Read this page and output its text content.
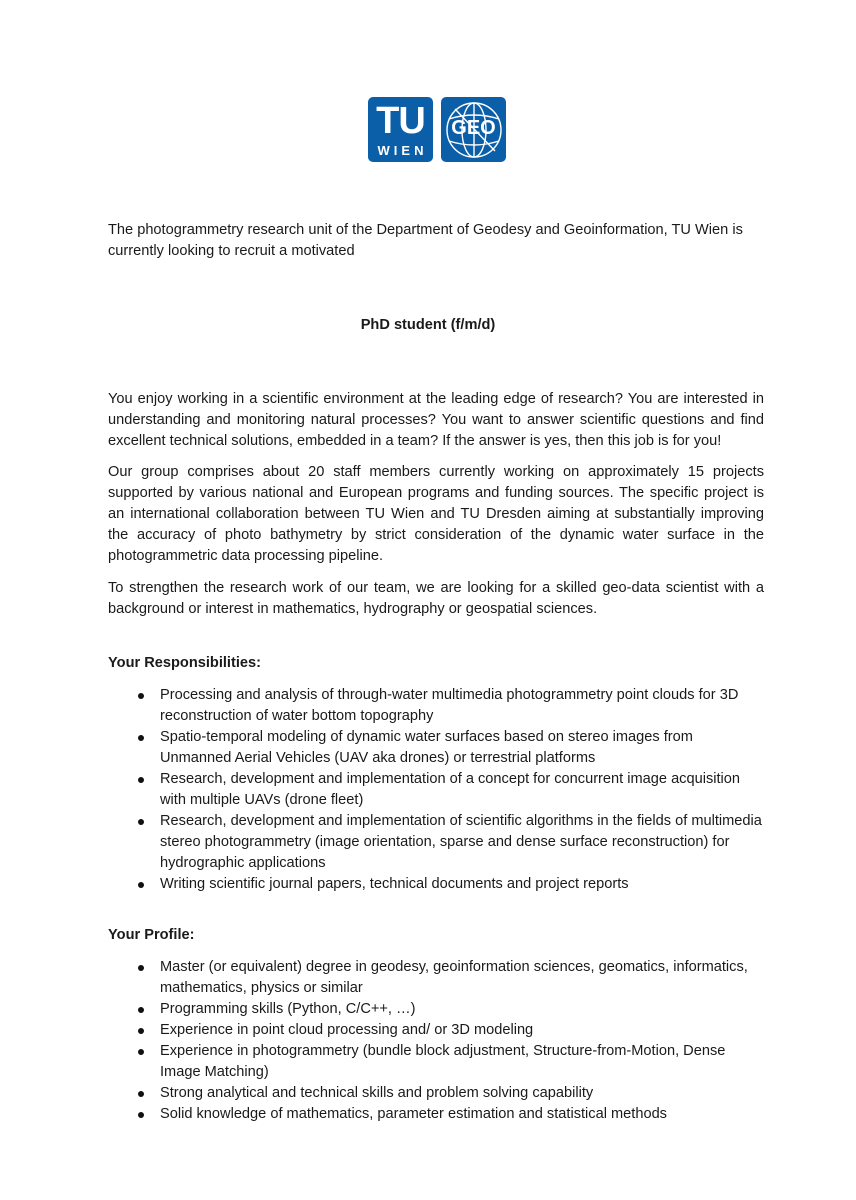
TU
WIEN
GEO
The photogrammetry research unit of the Department of Geodesy and Geoinformation, TU Wien is currently looking to recruit a motivated
PhD student (f/m/d)
You enjoy working in a scientific environment at the leading edge of research? You are interested in understanding and monitoring natural processes? You want to answer scientific questions and find excellent technical solutions, embedded in a team? If the answer is yes, then this job is for you!
Our group comprises about 20 staff members currently working on approximately 15 projects supported by various national and European programs and funding sources. The specific project is an international collaboration between TU Wien and TU Dresden aiming at substantially improving the accuracy of photo bathymetry by strict consideration of the dynamic water surface in the photogrammetric data processing pipeline.
To strengthen the research work of our team, we are looking for a skilled geo-data scientist with a background or interest in mathematics, hydrography or geospatial sciences.
Your Responsibilities:
Processing and analysis of through-water multimedia photogrammetry point clouds for 3D reconstruction of water bottom topography
Spatio-temporal modeling of dynamic water surfaces based on stereo images from Unmanned Aerial Vehicles (UAV aka drones) or terrestrial platforms
Research, development and implementation of a concept for concurrent image acquisition with multiple UAVs (drone fleet)
Research, development and implementation of scientific algorithms in the fields of multimedia stereo photogrammetry (image orientation, sparse and dense surface reconstruction) for hydrographic applications
Writing scientific journal papers, technical documents and project reports
Your Profile:
Master (or equivalent) degree in geodesy, geoinformation sciences, geomatics, informatics, mathematics, physics or similar
Programming skills (Python, C/C++, …)
Experience in point cloud processing and/ or 3D modeling
Experience in photogrammetry (bundle block adjustment, Structure-from-Motion, Dense Image Matching)
Strong analytical and technical skills and problem solving capability
Solid knowledge of mathematics, parameter estimation and statistical methods
